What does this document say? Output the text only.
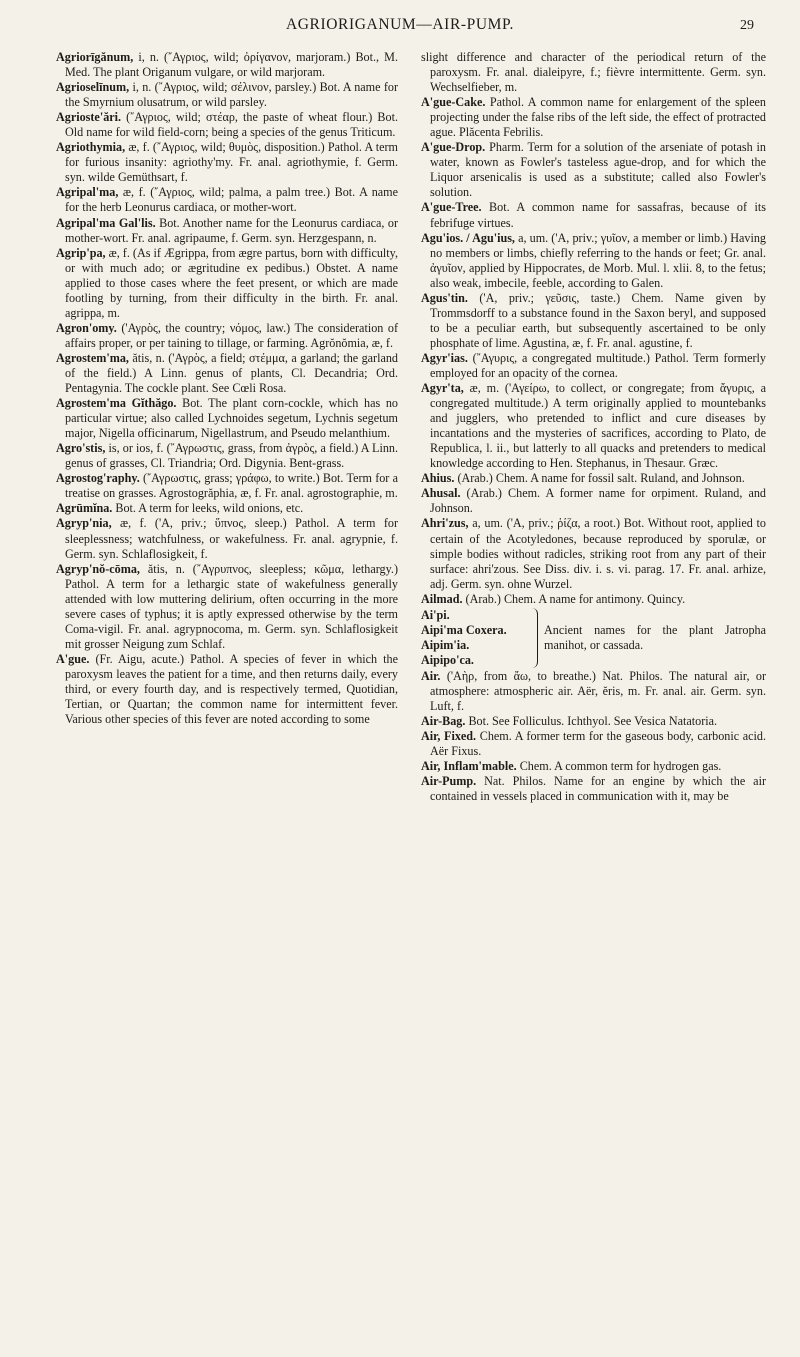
AGRIORIGANUM—AIR-PUMP.	29
Agriorīgănum, i, n. (῎Αγριος, wild; ὀρίγανον, marjoram.) Bot., M. Med. The plant Origanum vulgare, or wild marjoram.
Agrioselīnum, i, n. (῎Αγριος, wild; σέλινον, parsley.) Bot. A name for the Smyrnium olusatrum, or wild parsley.
Agrioste'ări. (῎Αγριος, wild; στέαρ, the paste of wheat flour.) Bot. Old name for wild field-corn; being a species of the genus Triticum.
Agriothymia, æ, f. (῎Αγριος, wild; θυμὸς, disposition.) Pathol. A term for furious insanity: agriothy'my. Fr. anal. agriothymie, f. Germ. syn. wilde Gemüthsart, f.
Agripal'ma, æ, f. (῎Αγριος, wild; palma, a palm tree.) Bot. A name for the herb Leonurus cardiaca, or mother-wort.
Agripal'ma Gal'lis. Bot. Another name for the Leonurus cardiaca, or mother-wort. Fr. anal. agripaume, f. Germ. syn. Herzgespann, n.
Agrip'pa, æ, f. (As if Ægrippa, from ægre partus, born with difficulty, or with much ado; or ægritudine ex pedibus.) Obstet. A name applied to those cases where the feet present, or which are made footling by turning, from their difficulty in the birth. Fr. anal. agrippa, m.
Agron'omy. ('Αγρὸς, the country; νόμος, law.) The consideration of affairs proper, or per taining to tillage, or farming. Agrŏnŏmia, æ, f.
Agrostem'ma, ătis, n. ('Αγρὸς, a field; στέμμα, a garland; the garland of the field.) A Linn. genus of plants, Cl. Decandria; Ord. Pentagynia. The cockle plant. See Cœli Rosa.
Agrostem'ma Gĭthăgo. Bot. The plant corn-cockle, which has no particular virtue; also called Lychnoides segetum, Lychnis segetum major, Nigella officinarum, Nigellastrum, and Pseudo melanthium.
Agro'stis, is, or ios, f. (῎Αγρωστις, grass, from ἀγρὸς, a field.) A Linn. genus of grasses, Cl. Triandria; Ord. Digynia. Bent-grass.
Agrostog'raphy. (῎Αγρωστις, grass; γράφω, to write.) Bot. Term for a treatise on grasses. Agrostogrăphia, æ, f. Fr. anal. agrostographie, m.
Agrūmĭna. Bot. A term for leeks, wild onions, etc.
Agryp'nia, æ, f. ('Α, priv.; ὕπνος, sleep.) Pathol. A term for sleeplessness; watchfulness, or wakefulness. Fr. anal. agrypnie, f. Germ. syn. Schlaflosigkeit, f.
Agryp'nŏ-cōma, ătis, n. (῎Αγρυπνος, sleepless; κῶμα, lethargy.) Pathol. A term for a lethargic state of wakefulness generally attended with low muttering delirium, often occurring in the more severe cases of typhus; it is aptly expressed otherwise by the term Coma-vigil. Fr. anal. agrypnocoma, m. Germ. syn. Schlaflosigkeit mit grosser Neigung zum Schlaf.
A'gue. (Fr. Aigu, acute.) Pathol. A species of fever in which the paroxysm leaves the patient for a time, and then returns daily, every third, or every fourth day, and is respectively termed, Quotidian, Tertian, or Quartan; the common name for intermittent fever. Various other species of this fever are noted according to some
slight difference and character of the periodical return of the paroxysm. Fr. anal. dialeipyre, f.; fièvre intermittente. Germ. syn. Wechselfieber, m.
A'gue-Cake. Pathol. A common name for enlargement of the spleen projecting under the false ribs of the left side, the effect of protracted ague. Plăcenta Febrilis.
A'gue-Drop. Pharm. Term for a solution of the arseniate of potash in water, known as Fowler's tasteless ague-drop, and for which the Liquor arsenicalis is used as a substitute; called also Fowler's solution.
A'gue-Tree. Bot. A common name for sassafras, because of its febrifuge virtues.
Agu'ios. / Agu'ius, a, um. ('Α, priv.; γυῖον, a member or limb.) Having no members or limbs, chiefly referring to the hands or feet; Gr. anal. ἀγυῖον, applied by Hippocrates, de Morb. Mul. l. xlii. 8, to the fetus; also weak, imbecile, feeble, according to Galen.
Agus'tin. ('Α, priv.; γεῦσις, taste.) Chem. Name given by Trommsdorff to a substance found in the Saxon beryl, and supposed to be a peculiar earth, but subsequently ascertained to be only phosphate of lime. Agustina, æ, f. Fr. anal. agustine, f.
Agyr'ias. (῎Αγυρις, a congregated multitude.) Pathol. Term formerly employed for an opacity of the cornea.
Agyr'ta, æ, m. ('Αγείρω, to collect, or congregate; from ἄγυρις, a congregated multitude.) A term originally applied to mountebanks and jugglers, who pretended to inflict and cure diseases by incantations and the mysteries of sacrifices, according to Plato, de Republica, l. ii., but latterly to all quacks and pretenders to medical knowledge according to Hen. Stephanus, in Thesaur. Græc.
Ahius. (Arab.) Chem. A name for fossil salt. Ruland, and Johnson.
Ahusal. (Arab.) Chem. A former name for orpiment. Ruland, and Johnson.
Ahri'zus, a, um. ('Α, priv.; ῥίζα, a root.) Bot. Without root, applied to certain of the Acotyledones, because reproduced by sporulæ, or simple bodies without radicles, striking root from any part of their surface: ahri'zous. See Diss. div. i. s. vi. parag. 17. Fr. anal. arhize, adj. Germ. syn. ohne Wurzel.
Ailmad. (Arab.) Chem. A name for antimony. Quincy.
Ai'pi.
Aipi'ma Coxera.
Aipim'ia.
Aipipo'ca.
Ancient names for the plant Jatropha manihot, or cassada.
Air. ('Αὴρ, from ἄω, to breathe.) Nat. Philos. The natural air, or atmosphere: atmospheric air. Aër, ĕris, m. Fr. anal. air. Germ. syn. Luft, f.
Air-Bag. Bot. See Folliculus. Ichthyol. See Vesica Natatoria.
Air, Fixed. Chem. A former term for the gaseous body, carbonic acid. Aër Fixus.
Air, Inflam'mable. Chem. A common term for hydrogen gas.
Air-Pump. Nat. Philos. Name for an engine by which the air contained in vessels placed in communication with it, may be
